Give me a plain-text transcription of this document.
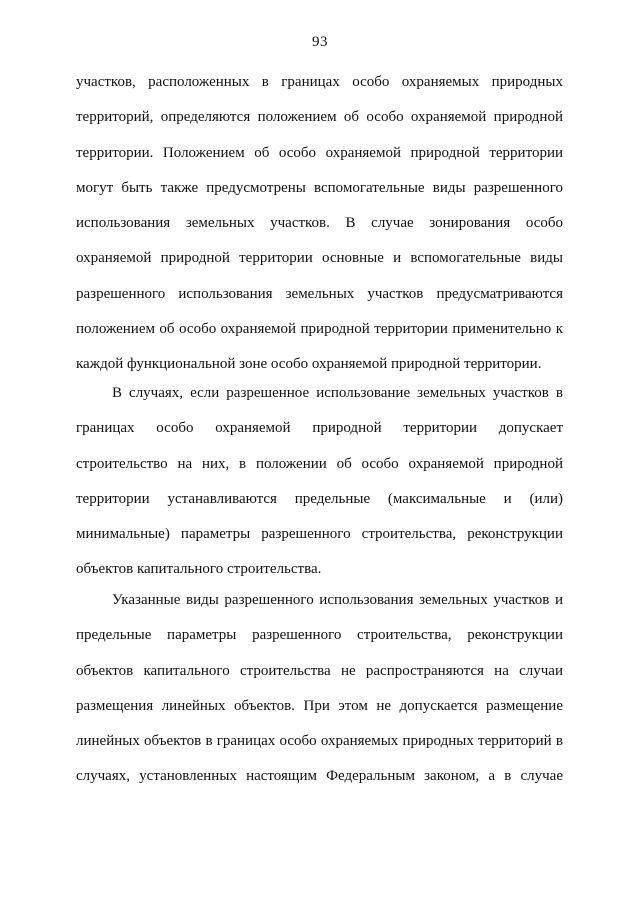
93
участков, расположенных в границах особо охраняемых природных
территорий, определяются положением об особо охраняемой природной
территории. Положением об особо охраняемой природной территории
могут быть также предусмотрены вспомогательные виды разрешенного
использования земельных участков. В случае зонирования особо
охраняемой природной территории основные и вспомогательные виды
разрешенного использования земельных участков предусматриваются
положением об особо охраняемой природной территории применительно к
каждой функциональной зоне особо охраняемой природной территории.
В случаях, если разрешенное использование земельных участков в
границах особо охраняемой природной территории допускает
строительство на них, в положении об особо охраняемой природной
территории устанавливаются предельные (максимальные и (или)
минимальные) параметры разрешенного строительства, реконструкции
объектов капитального строительства.
Указанные виды разрешенного использования земельных участков и
предельные параметры разрешенного строительства, реконструкции
объектов капитального строительства не распространяются на случаи
размещения линейных объектов. При этом не допускается размещение
линейных объектов в границах особо охраняемых природных территорий в
случаях, установленных настоящим Федеральным законом, а в случае
